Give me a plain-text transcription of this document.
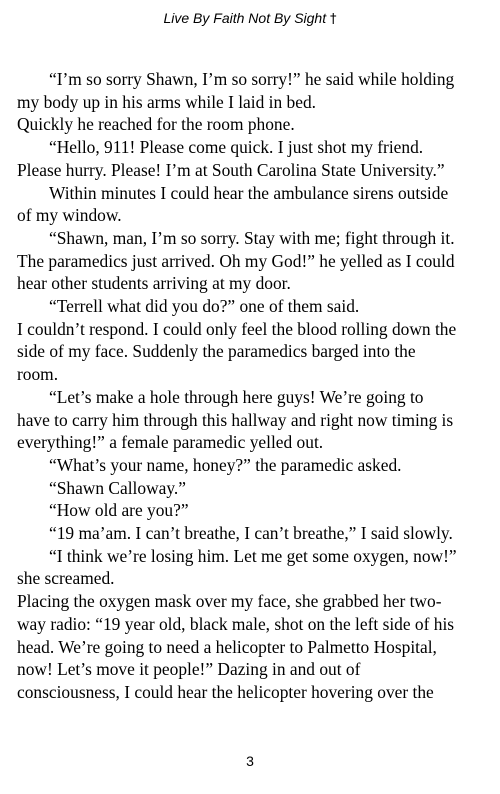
Live By Faith Not By Sight †
“I’m so sorry Shawn, I’m so sorry!” he said while holding
my body up in his arms while I laid in bed.
Quickly he reached for the room phone.
“Hello, 911! Please come quick. I just shot my friend.
Please hurry. Please! I’m at South Carolina State University.”
Within minutes I could hear the ambulance sirens outside
of my window.
“Shawn, man, I’m so sorry. Stay with me; fight through it.
The paramedics just arrived. Oh my God!” he yelled as I could
hear other students arriving at my door.
“Terrell what did you do?” one of them said.
I couldn’t respond. I could only feel the blood rolling down the
side of my face. Suddenly the paramedics barged into the
room.
“Let’s make a hole through here guys! We’re going to
have to carry him through this hallway and right now timing is
everything!” a female paramedic yelled out.
“What’s your name, honey?” the paramedic asked.
“Shawn Calloway.”
“How old are you?”
“19 ma’am. I can’t breathe, I can’t breathe,” I said slowly.
“I think we’re losing him. Let me get some oxygen, now!”
she screamed.
Placing the oxygen mask over my face, she grabbed her two-
way radio: “19 year old, black male, shot on the left side of his
head. We’re going to need a helicopter to Palmetto Hospital,
now! Let’s move it people!” Dazing in and out of
consciousness, I could hear the helicopter hovering over the
3
